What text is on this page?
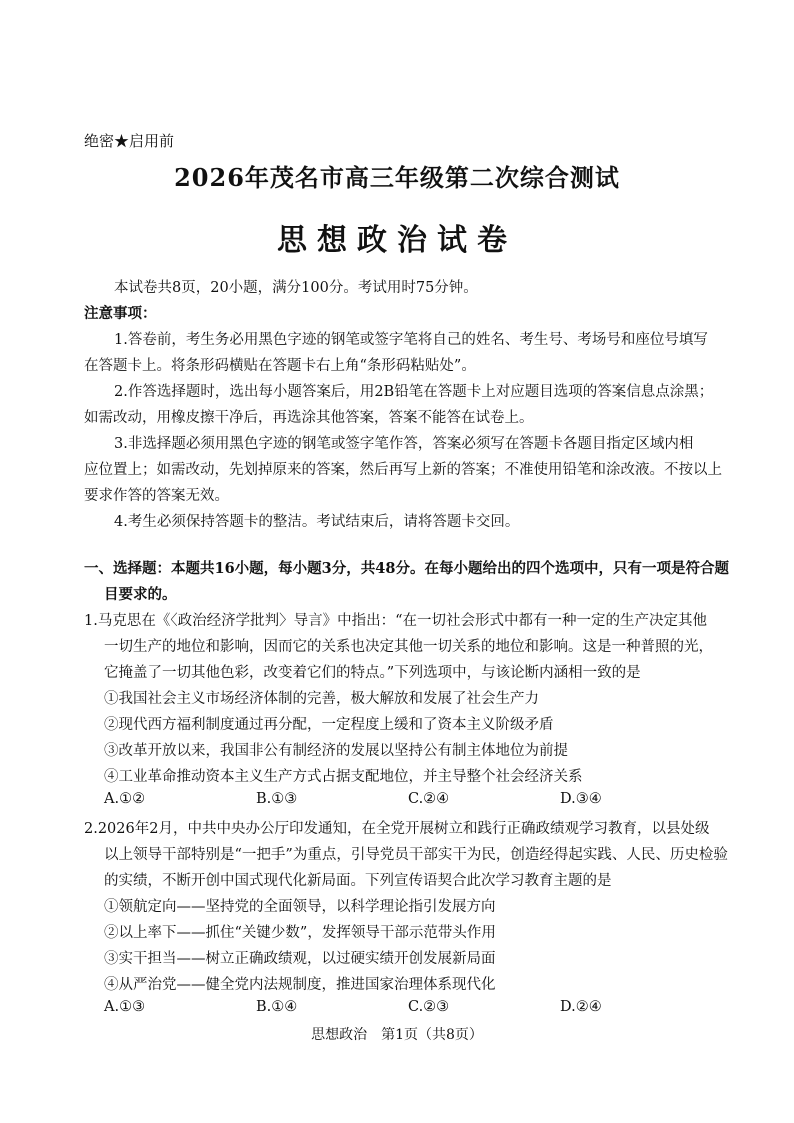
绝密★启用前
2026年茂名市高三年级第二次综合测试
思想政治试卷
本试卷共8页，20小题，满分100分。考试用时75分钟。
注意事项：
1.答卷前，考生务必用黑色字迹的钢笔或签字笔将自己的姓名、考生号、考场号和座位号填写
在答题卡上。将条形码横贴在答题卡右上角“条形码粘贴处”。
2.作答选择题时，选出每小题答案后，用2B铅笔在答题卡上对应题目选项的答案信息点涂黑；
如需改动，用橡皮擦干净后，再选涂其他答案，答案不能答在试卷上。
3.非选择题必须用黑色字迹的钢笔或签字笔作答，答案必须写在答题卡各题目指定区域内相
应位置上；如需改动，先划掉原来的答案，然后再写上新的答案；不准使用铅笔和涂改液。不按以上
要求作答的答案无效。
4.考生必须保持答题卡的整洁。考试结束后，请将答题卡交回。
一、选择题：本题共16小题，每小题3分，共48分。在每小题给出的四个选项中，只有一项是符合题
目要求的。
1.马克思在《〈政治经济学批判〉导言》中指出：“在一切社会形式中都有一种一定的生产决定其他
一切生产的地位和影响，因而它的关系也决定其他一切关系的地位和影响。这是一种普照的光，
它掩盖了一切其他色彩，改变着它们的特点。”下列选项中，与该论断内涵相一致的是
①我国社会主义市场经济体制的完善，极大解放和发展了社会生产力
②现代西方福利制度通过再分配，一定程度上缓和了资本主义阶级矛盾
③改革开放以来，我国非公有制经济的发展以坚持公有制主体地位为前提
④工业革命推动资本主义生产方式占据支配地位，并主导整个社会经济关系
A.①②	B.①③	C.②④	D.③④
2.2026年2月，中共中央办公厅印发通知，在全党开展树立和践行正确政绩观学习教育，以县处级
以上领导干部特别是“一把手”为重点，引导党员干部实干为民，创造经得起实践、人民、历史检验
的实绩，不断开创中国式现代化新局面。下列宣传语契合此次学习教育主题的是
①领航定向——坚持党的全面领导，以科学理论指引发展方向
②以上率下——抓住“关键少数”，发挥领导干部示范带头作用
③实干担当——树立正确政绩观，以过硬实绩开创发展新局面
④从严治党——健全党内法规制度，推进国家治理体系现代化
A.①③	B.①④	C.②③	D.②④
思想政治　第1页（共8页）
